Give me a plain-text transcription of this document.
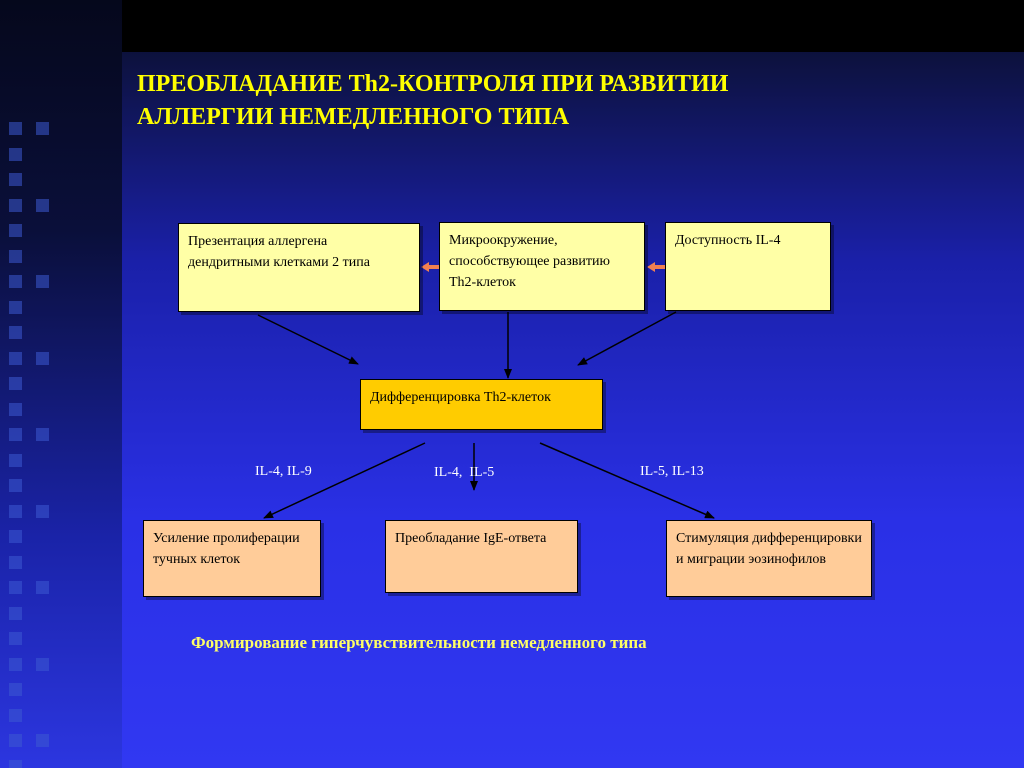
ПРЕОБЛАДАНИЕ Th2-КОНТРОЛЯ ПРИ РАЗВИТИИ
АЛЛЕРГИИ НЕМЕДЛЕННОГО ТИПА
Презентация аллергена дендритными клетками 2 типа
Микроокружение, способствующее развитию Th2-клеток
Доступность IL-4
Дифференцировка Th2-клеток
IL-4, IL-9	IL-4,  IL-5	IL-5, IL-13
Усиление пролиферации тучных клеток
Преобладание IgE-ответа	Стимуляция дифференцировки и миграции эозинофилов
Формирование гиперчувствительности немедленного типа
